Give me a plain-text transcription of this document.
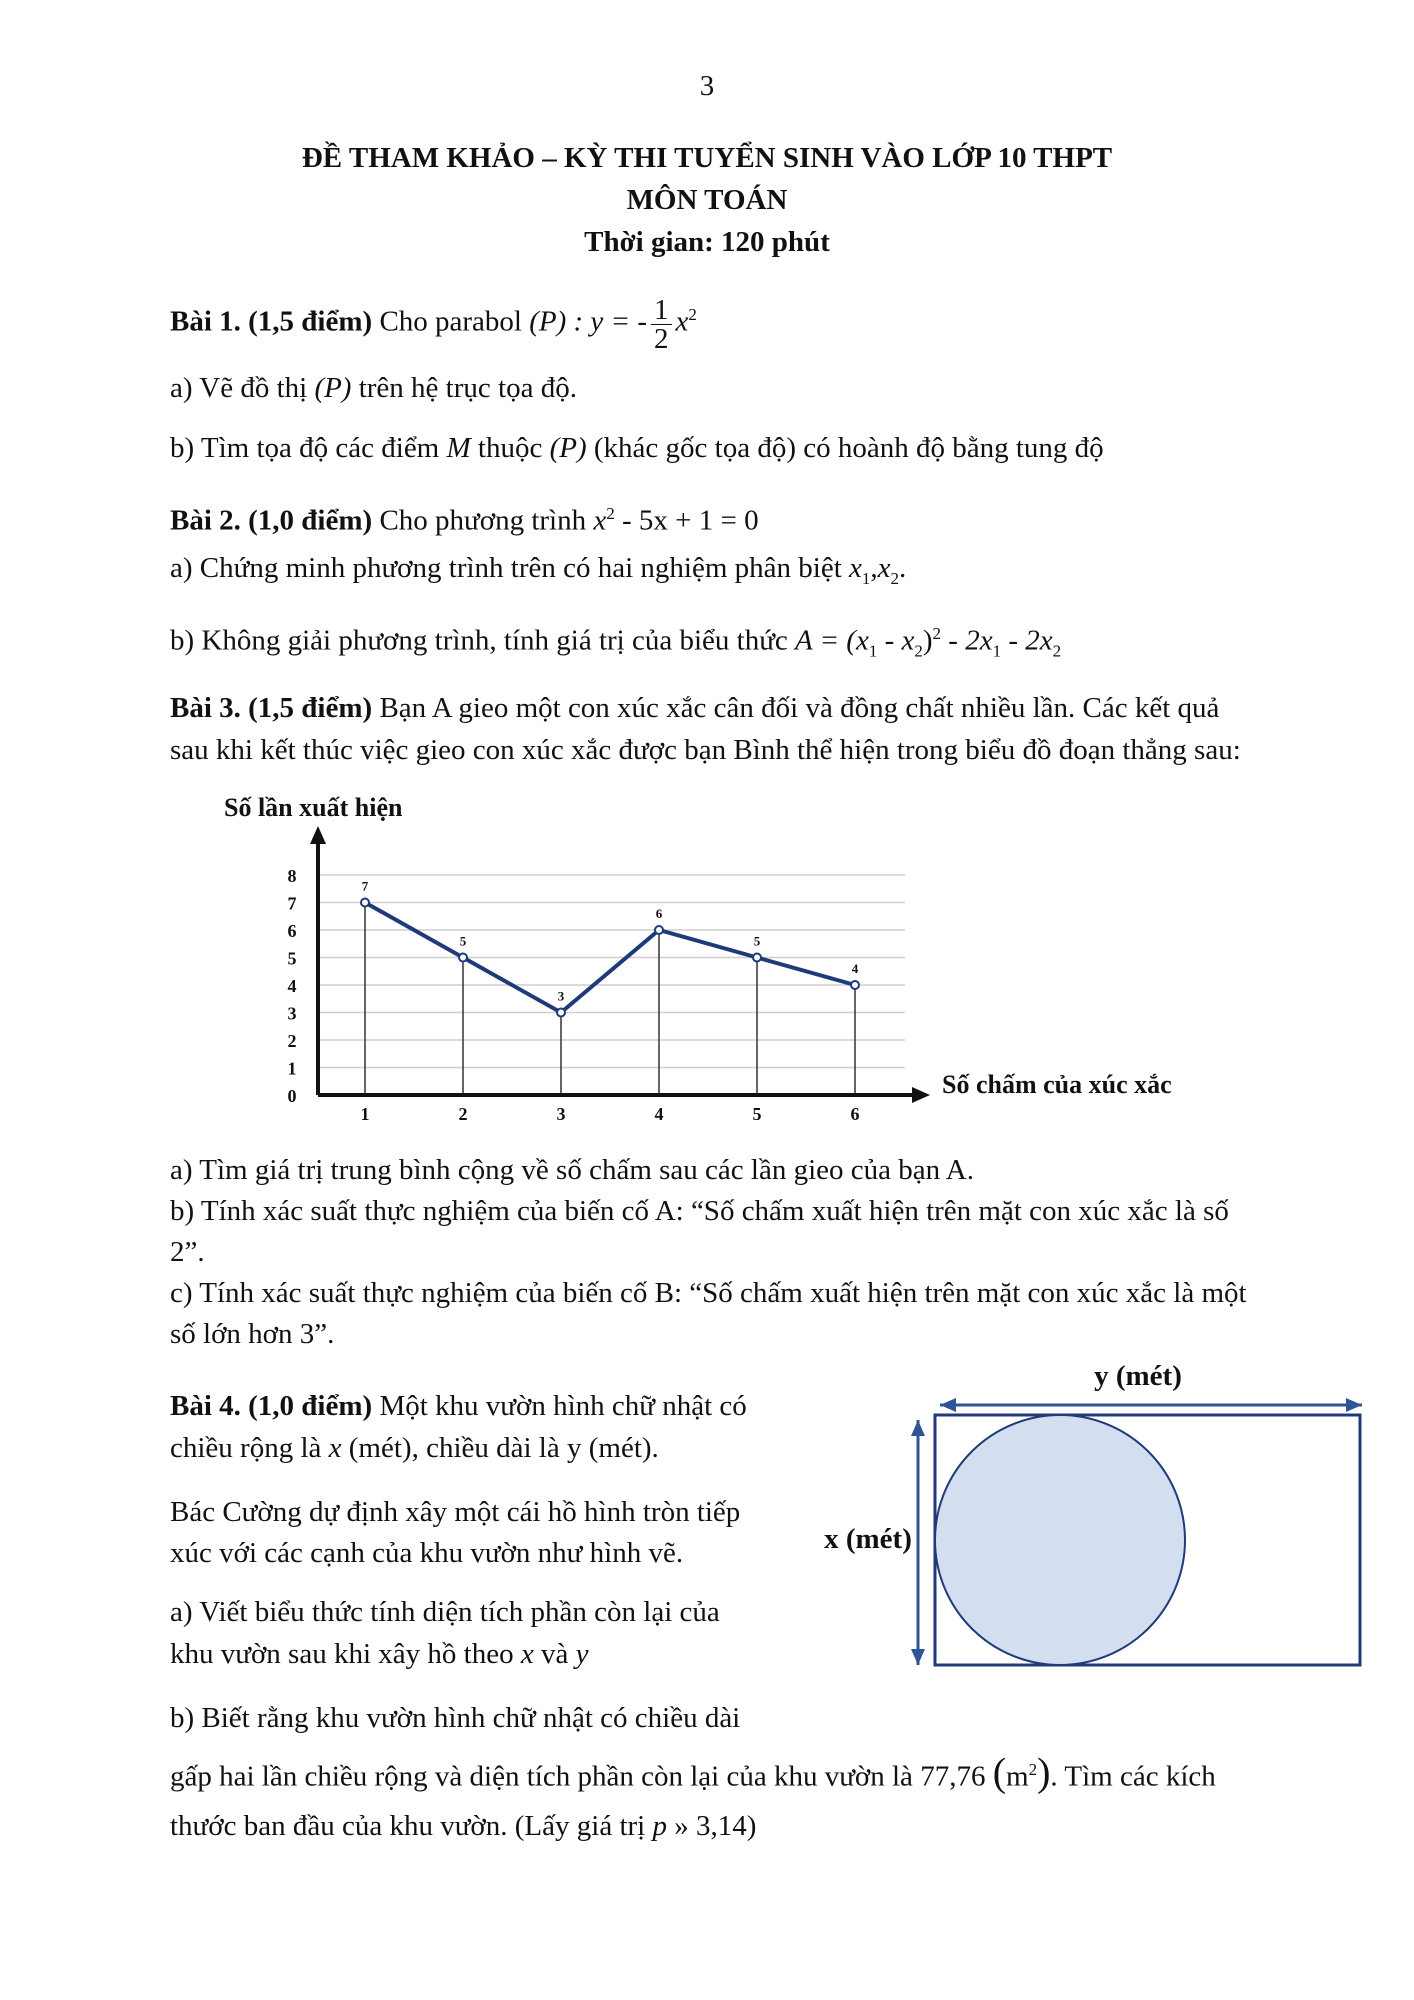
3
ĐỀ THAM KHẢO – KỲ THI TUYỂN SINH VÀO LỚP 10 THPT
MÔN TOÁN
Thời gian: 120 phút
Bài 1. (1,5 điểm) Cho parabol (P) : y = - $\frac{1}{2} x^2$
a) Vẽ đồ thị (P) trên hệ trục tọa độ.
b) Tìm tọa độ các điểm M thuộc (P) (khác gốc tọa độ) có hoành độ bằng tung độ
Bài 2. (1,0 điểm) Cho phương trình $x^2 - 5x + 1 = 0$
a) Chứng minh phương trình trên có hai nghiệm phân biệt $x_1,x_2$.
b) Không giải phương trình, tính giá trị của biểu thức $A = (x_1 - x_2)^2 - 2x_1 - 2x_2$
Bài 3. (1,5 điểm) Bạn A gieo một con xúc xắc cân đối và đồng chất nhiều lần. Các kết quả
sau khi kết thúc việc gieo con xúc xắc được bạn Bình thể hiện trong biểu đồ đoạn thẳng sau:
Số lần xuất hiện
Số chấm của xúc xắc
0
1
2
3
4
5
6
7
8
1	2	3	4	5	6
7
5
3
6
5
4
a) Tìm giá trị trung bình cộng về số chấm sau các lần gieo của bạn A.
b) Tính xác suất thực nghiệm của biến cố A: “Số chấm xuất hiện trên mặt con xúc xắc là số
2”.
c) Tính xác suất thực nghiệm của biến cố B: “Số chấm xuất hiện trên mặt con xúc xắc là một
số lớn hơn 3”.
Bài 4. (1,0 điểm) Một khu vườn hình chữ nhật có
chiều rộng là x (mét), chiều dài là y (mét).
Bác Cường dự định xây một cái hồ hình tròn tiếp
xúc với các cạnh của khu vườn như hình vẽ.
a) Viết biểu thức tính diện tích phần còn lại của
khu vườn sau khi xây hồ theo x và y
b) Biết rằng khu vườn hình chữ nhật có chiều dài
gấp hai lần chiều rộng và diện tích phần còn lại của khu vườn là 77,76 $(m^2)$. Tìm các kích
thước ban đầu của khu vườn. (Lấy giá trị p » 3,14)
y (mét)
x (mét)
